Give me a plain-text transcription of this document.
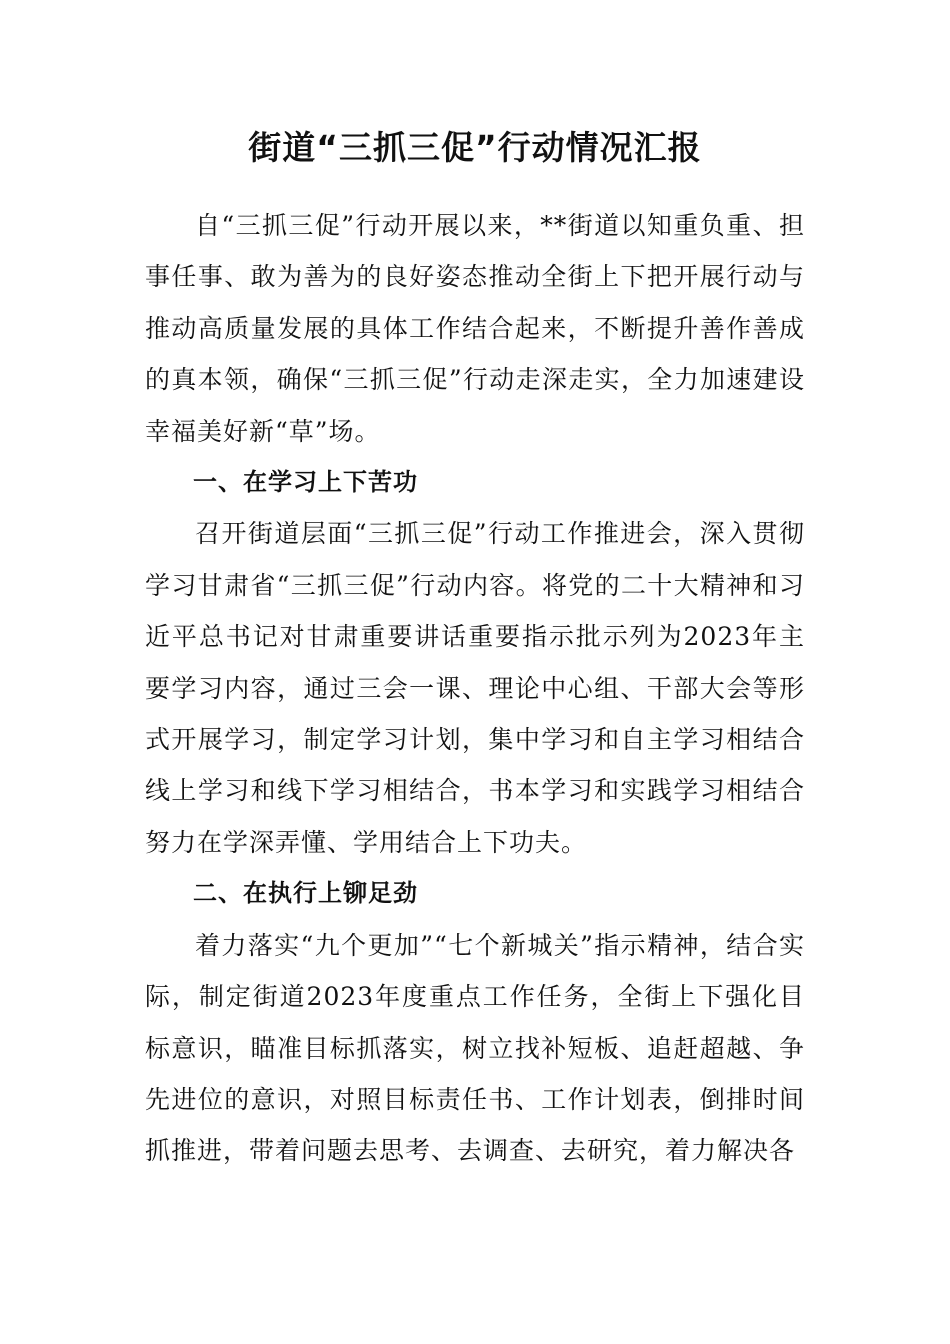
街道“三抓三促”行动情况汇报

自“三抓三促”行动开展以来，**街道以知重负重、担事任事、敢为善为的良好姿态推动全街上下把开展行动与推动高质量发展的具体工作结合起来，不断提升善作善成的真本领，确保“三抓三促”行动走深走实，全力加速建设幸福美好新“草”场。

一、在学习上下苦功

召开街道层面“三抓三促”行动工作推进会，深入贯彻学习甘肃省“三抓三促”行动内容。将党的二十大精神和习近平总书记对甘肃重要讲话重要指示批示列为2023年主要学习内容，通过三会一课、理论中心组、干部大会等形式开展学习，制定学习计划，集中学习和自主学习相结合线上学习和线下学习相结合，书本学习和实践学习相结合努力在学深弄懂、学用结合上下功夫。

二、在执行上铆足劲

着力落实“九个更加”“七个新城关”指示精神，结合实际，制定街道2023年度重点工作任务，全街上下强化目标意识，瞄准目标抓落实，树立找补短板、追赶超越、争先进位的意识，对照目标责任书、工作计划表，倒排时间抓推进，带着问题去思考、去调查、去研究，着力解决各
